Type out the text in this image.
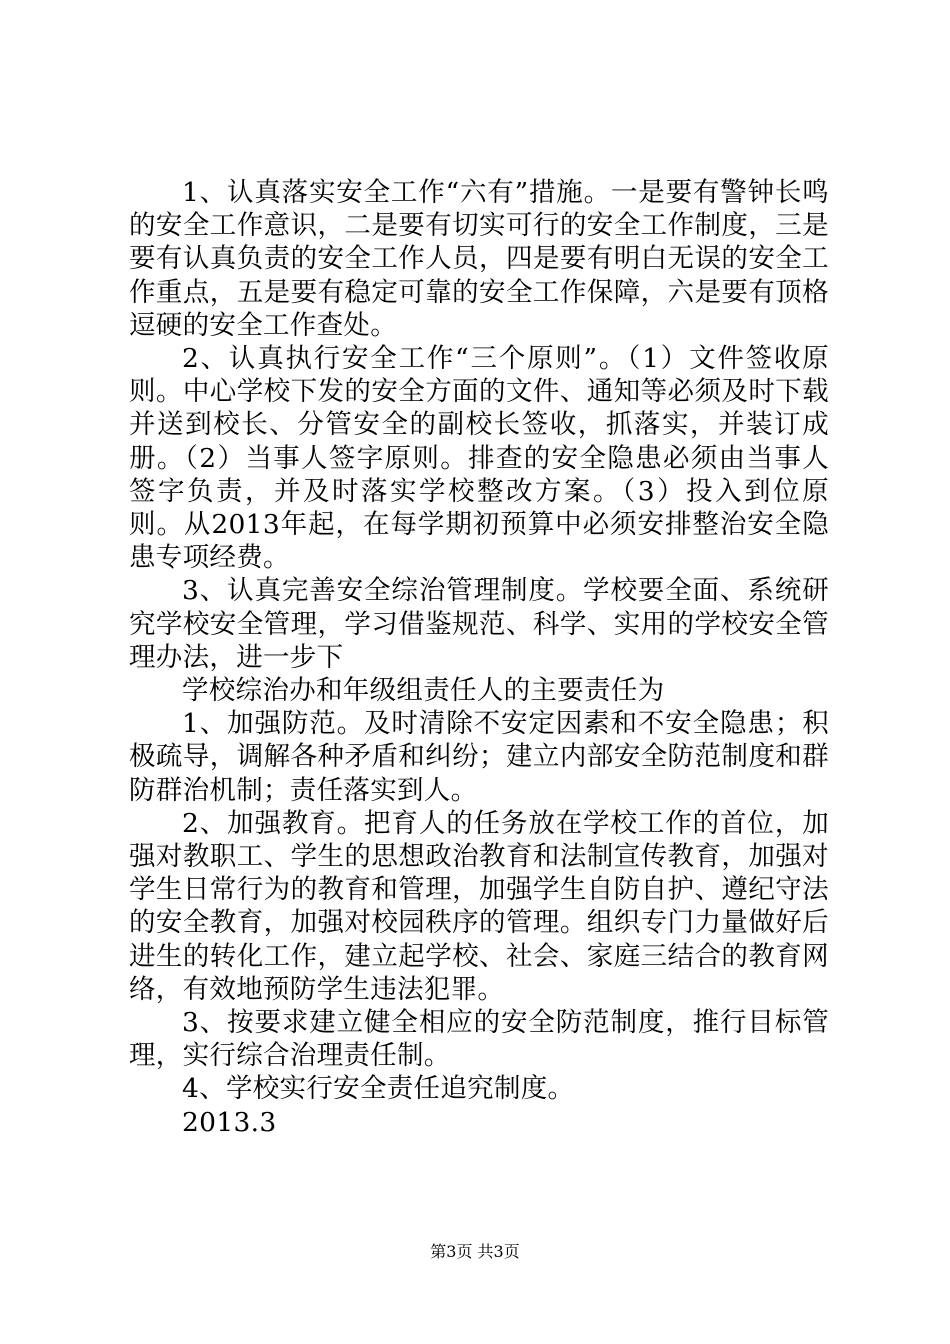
1、认真落实安全工作“六有”措施。一是要有警钟长鸣的安全工作意识，二是要有切实可行的安全工作制度，三是要有认真负责的安全工作人员，四是要有明白无误的安全工作重点，五是要有稳定可靠的安全工作保障，六是要有顶格逗硬的安全工作查处。

2、认真执行安全工作“三个原则”。（1）文件签收原则。中心学校下发的安全方面的文件、通知等必须及时下载并送到校长、分管安全的副校长签收，抓落实，并装订成册。（2）当事人签字原则。排查的安全隐患必须由当事人签字负责，并及时落实学校整改方案。（3）投入到位原则。从2013年起，在每学期初预算中必须安排整治安全隐患专项经费。

3、认真完善安全综治管理制度。学校要全面、系统研究学校安全管理，学习借鉴规范、科学、实用的学校安全管理办法，进一步下

学校综治办和年级组责任人的主要责任为

1、加强防范。及时清除不安定因素和不安全隐患；积极疏导，调解各种矛盾和纠纷；建立内部安全防范制度和群防群治机制；责任落实到人。

2、加强教育。把育人的任务放在学校工作的首位，加强对教职工、学生的思想政治教育和法制宣传教育，加强对学生日常行为的教育和管理，加强学生自防自护、遵纪守法的安全教育，加强对校园秩序的管理。组织专门力量做好后进生的转化工作，建立起学校、社会、家庭三结合的教育网络，有效地预防学生违法犯罪。

3、按要求建立健全相应的安全防范制度，推行目标管理，实行综合治理责任制。

4、学校实行安全责任追究制度。

2013.3

第3页 共3页
